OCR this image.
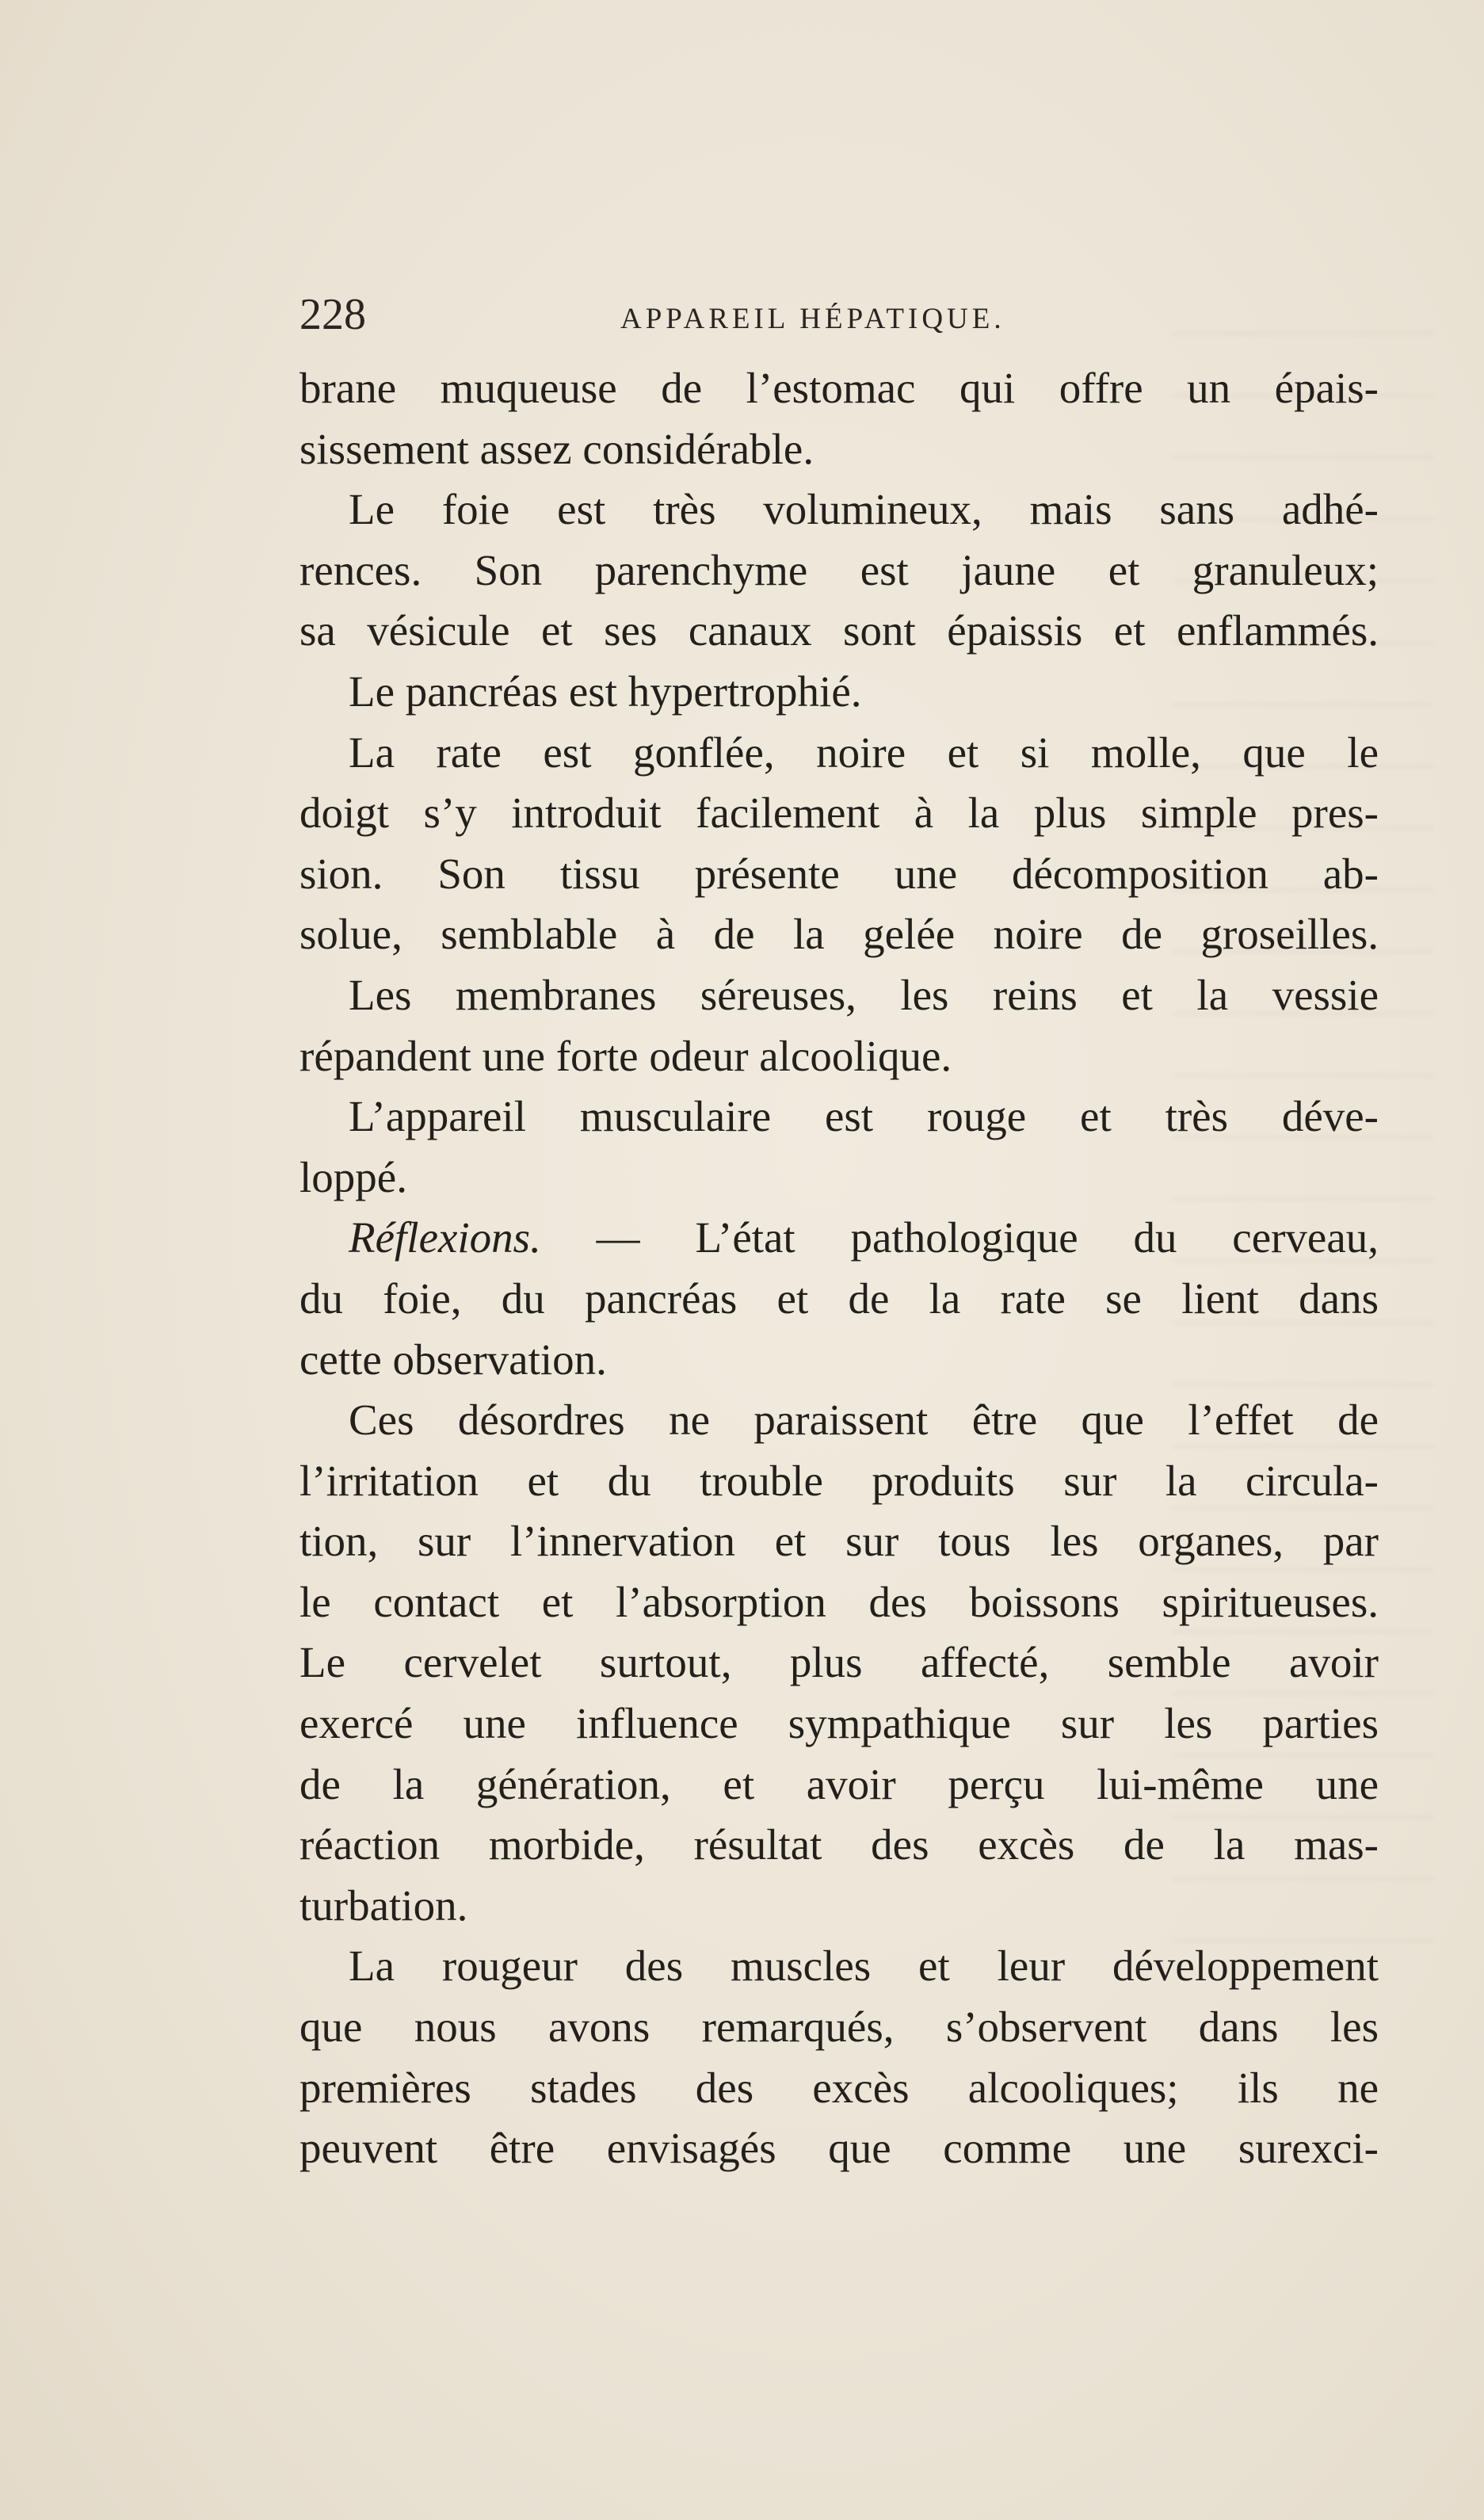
228	APPAREIL HÉPATIQUE.
brane muqueuse de l’estomac qui offre un épais-
sissement assez considérable.
Le foie est très volumineux, mais sans adhé-
rences. Son parenchyme est jaune et granuleux;
sa vésicule et ses canaux sont épaissis et enflammés.
Le pancréas est hypertrophié.
La rate est gonflée, noire et si molle, que le
doigt s’y introduit facilement à la plus simple pres-
sion. Son tissu présente une décomposition ab-
solue, semblable à de la gelée noire de groseilles.
Les membranes séreuses, les reins et la vessie
répandent une forte odeur alcoolique.
L’appareil musculaire est rouge et très déve-
loppé.
Réflexions. — L’état pathologique du cerveau,
du foie, du pancréas et de la rate se lient dans
cette observation.
Ces désordres ne paraissent être que l’effet de
l’irritation et du trouble produits sur la circula-
tion, sur l’innervation et sur tous les organes, par
le contact et l’absorption des boissons spiritueuses.
Le cervelet surtout, plus affecté, semble avoir
exercé une influence sympathique sur les parties
de la génération, et avoir perçu lui-même une
réaction morbide, résultat des excès de la mas-
turbation.
La rougeur des muscles et leur développement
que nous avons remarqués, s’observent dans les
premières stades des excès alcooliques; ils ne
peuvent être envisagés que comme une surexci-
